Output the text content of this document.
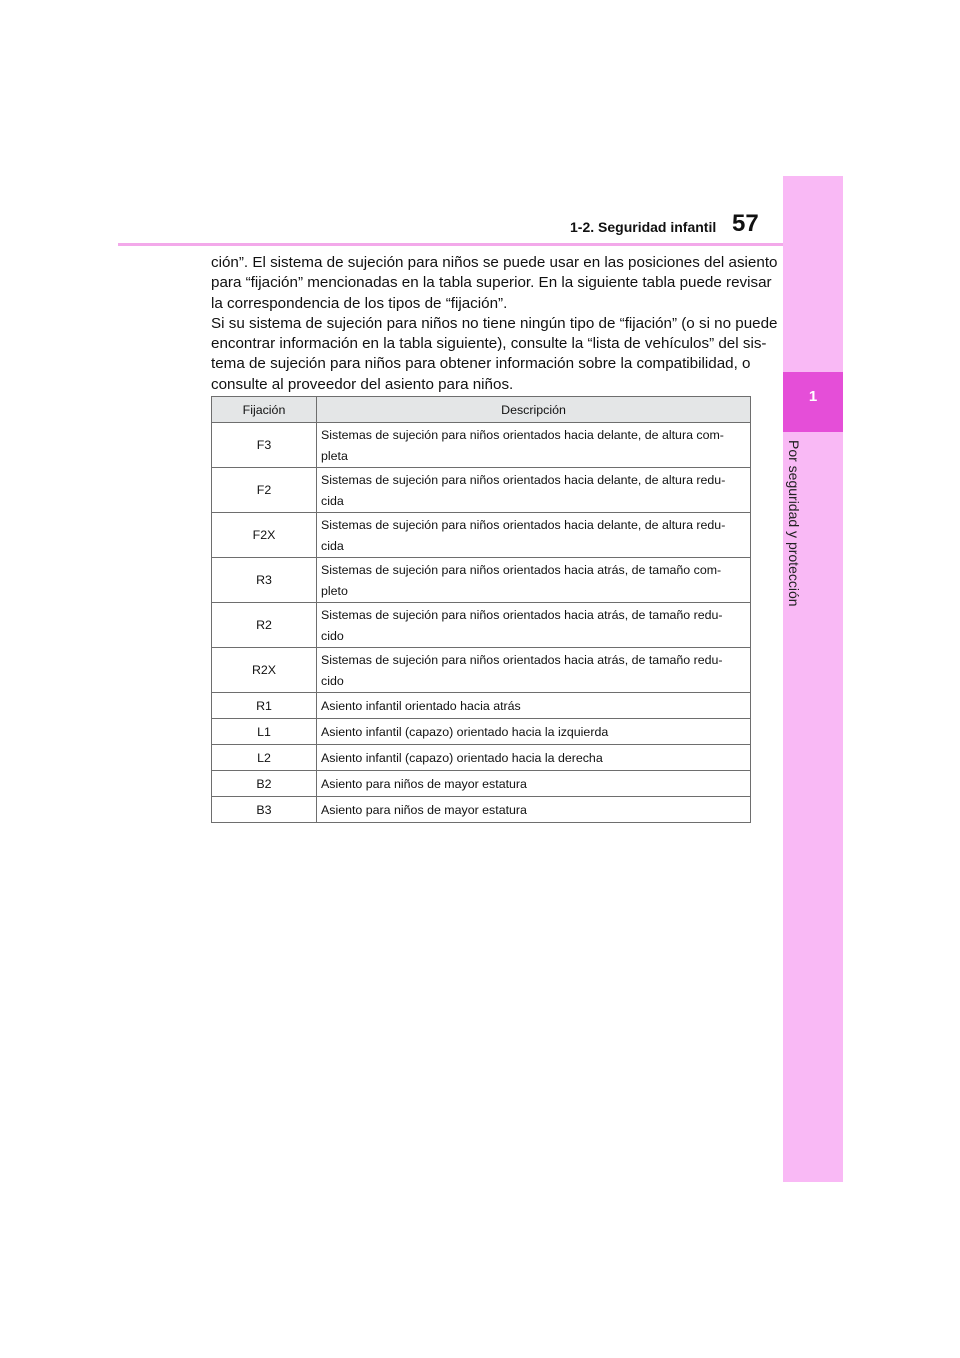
1
Por seguridad y protección
1-2. Seguridad infantil 57

ción”. El sistema de sujeción para niños se puede usar en las posiciones del asiento
para “fijación” mencionadas en la tabla superior. En la siguiente tabla puede revisar
la correspondencia de los tipos de “fijación”.
Si su sistema de sujeción para niños no tiene ningún tipo de “fijación” (o si no puede
encontrar información en la tabla siguiente), consulte la “lista de vehículos” del sis-
tema de sujeción para niños para obtener información sobre la compatibilidad, o
consulte al proveedor del asiento para niños.

Fijación	Descripción
F3	Sistemas de sujeción para niños orientados hacia delante, de altura com-
pleta
F2	Sistemas de sujeción para niños orientados hacia delante, de altura redu-
cida
F2X	Sistemas de sujeción para niños orientados hacia delante, de altura redu-
cida
R3	Sistemas de sujeción para niños orientados hacia atrás, de tamaño com-
pleto
R2	Sistemas de sujeción para niños orientados hacia atrás, de tamaño redu-
cido
R2X	Sistemas de sujeción para niños orientados hacia atrás, de tamaño redu-
cido
R1	Asiento infantil orientado hacia atrás
L1	Asiento infantil (capazo) orientado hacia la izquierda
L2	Asiento infantil (capazo) orientado hacia la derecha
B2	Asiento para niños de mayor estatura
B3	Asiento para niños de mayor estatura
